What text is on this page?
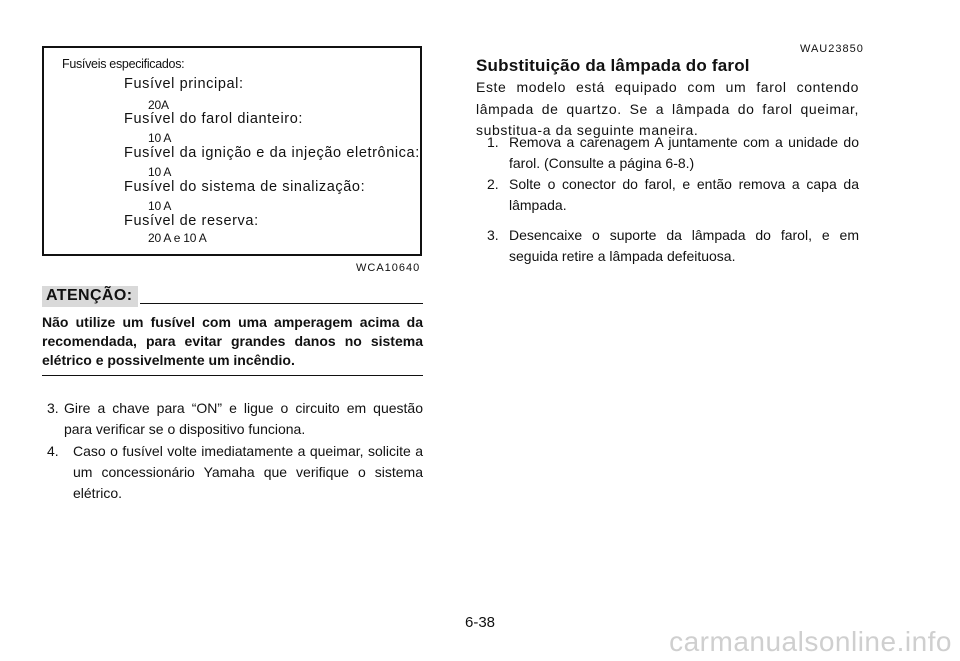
Fusíveis especificados:
Fusível principal:
20A
Fusível do farol dianteiro:
10 A
Fusível da ignição e da injeção eletrônica:
10 A
Fusível do sistema de sinalização:
10 A
Fusível de reserva:
20 A e 10 A
WCA10640
ATENÇÃO:
Não utilize um fusível com uma amperagem acima da recomendada, para evitar grandes danos no sistema elétrico e possivelmente um incêndio.
3. Gire a chave para “ON” e ligue o circuito em questão para verificar se o dispositivo funciona.
4. Caso o fusível volte imediatamente a queimar, solicite a um concessionário Yamaha que verifique o sistema elétrico.
WAU23850
Substituição da lâmpada do farol
Este modelo está equipado com um farol contendo lâmpada de quartzo. Se a lâmpada do farol queimar, substitua-a da seguinte maneira.
1. Remova a carenagem A juntamente com a unidade do farol. (Consulte a página 6-8.)
2. Solte o conector do farol, e então remova a capa da lâmpada.
3. Desencaixe o suporte da lâmpada do farol, e em seguida retire a lâmpada defeituosa.
6-38
carmanualsonline.info
